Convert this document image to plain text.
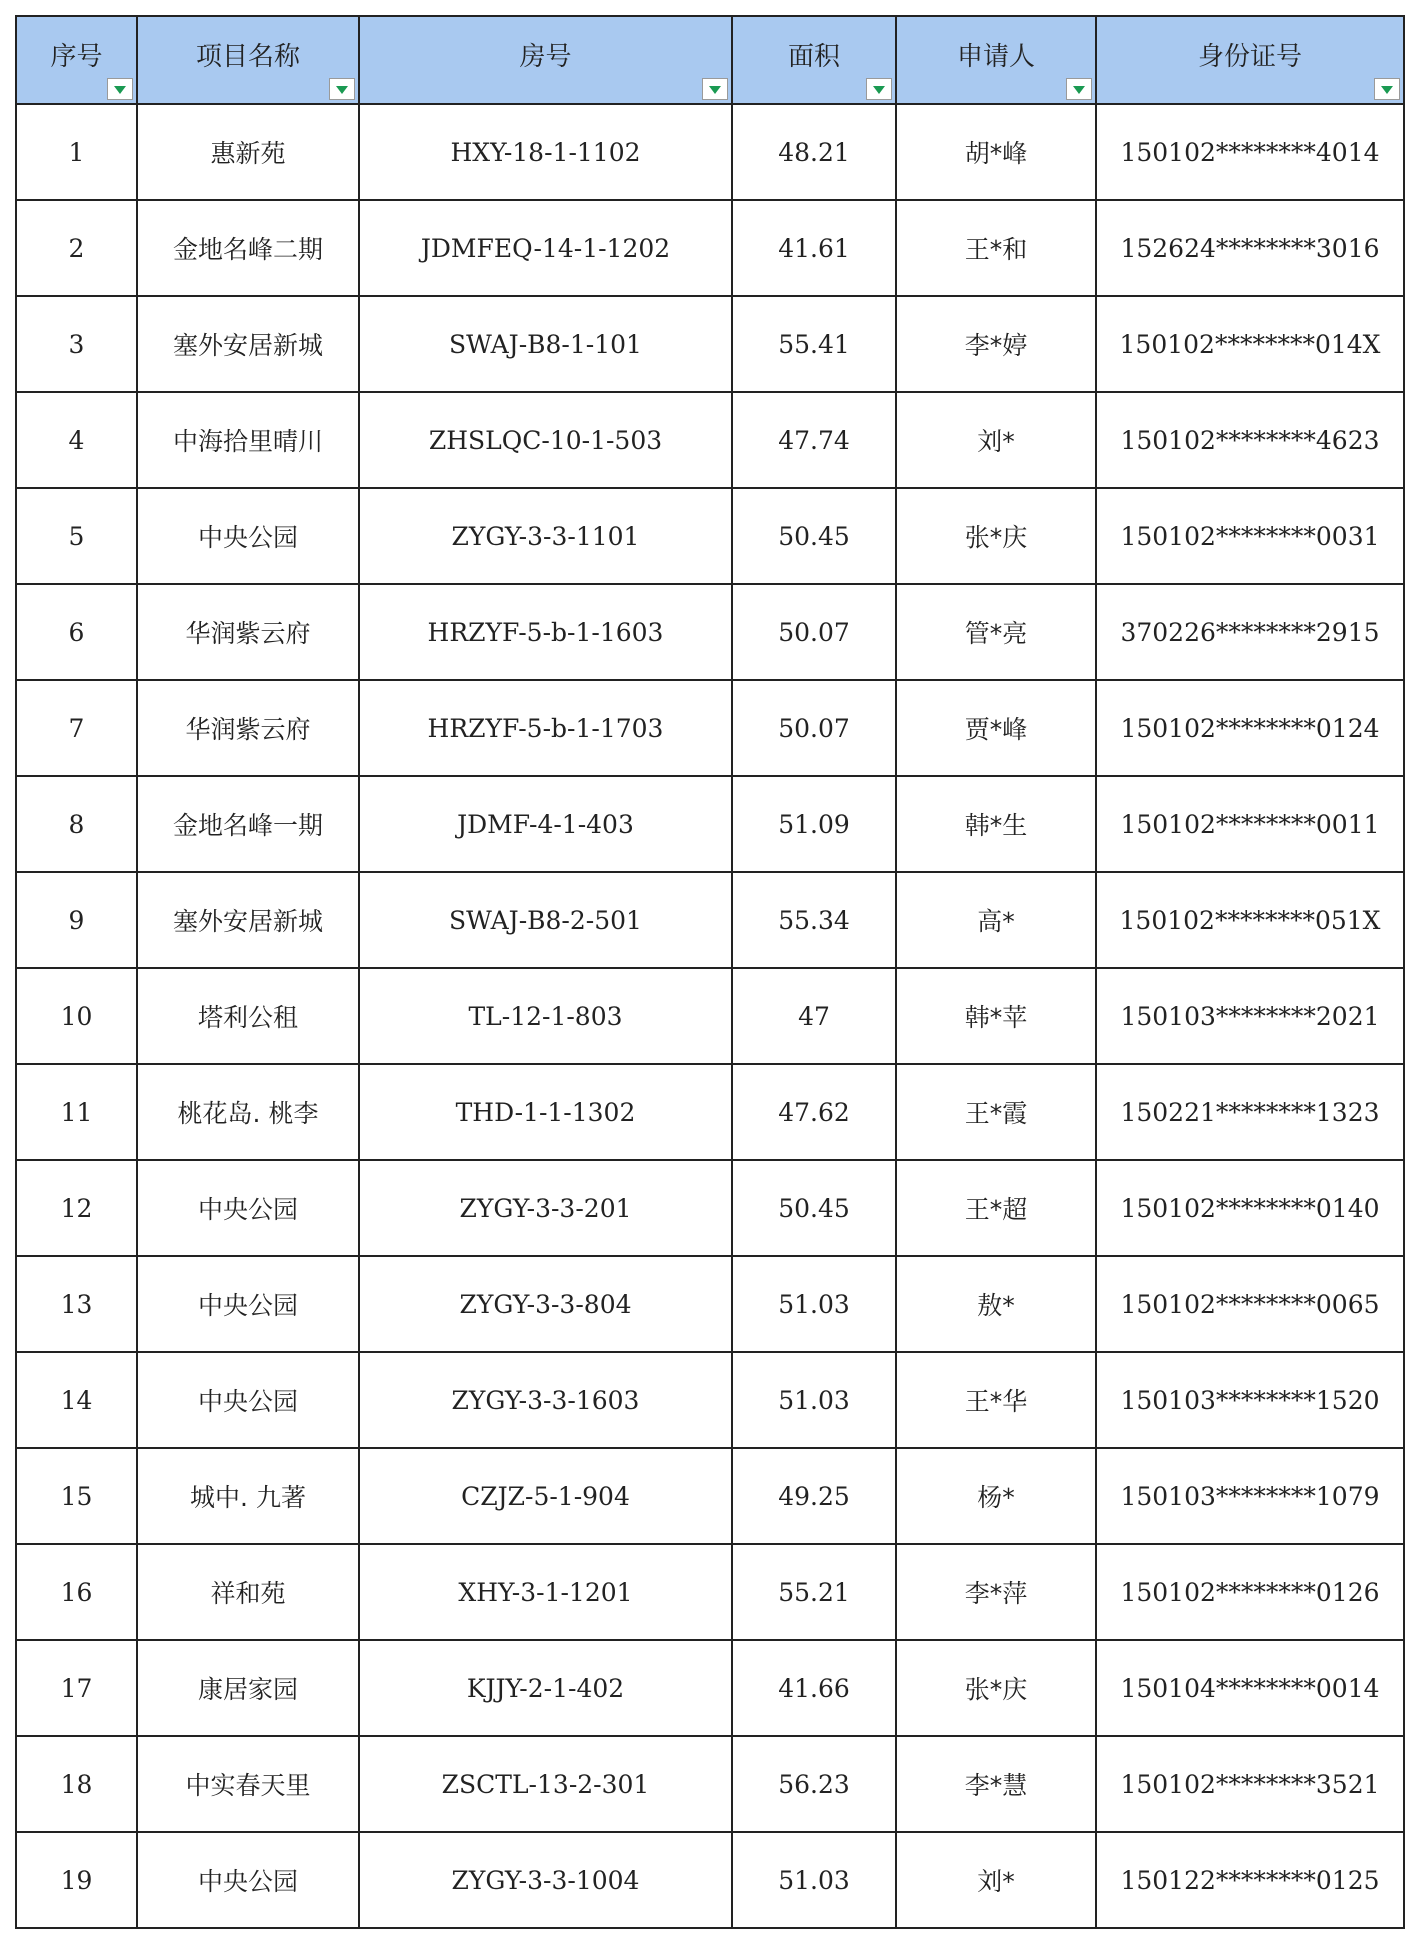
序号	项目名称	房号	面积	申请人	身份证号

1	惠新苑	HXY-18-1-1102	48.21	胡*峰	150102********4014
2	金地名峰二期	JDMFEQ-14-1-1202	41.61	王*和	152624********3016
3	塞外安居新城	SWAJ-B8-1-101	55.41	李*婷	150102********014X
4	中海拾里晴川	ZHSLQC-10-1-503	47.74	刘*	150102********4623
5	中央公园	ZYGY-3-3-1101	50.45	张*庆	150102********0031
6	华润紫云府	HRZYF-5-b-1-1603	50.07	管*亮	370226********2915
7	华润紫云府	HRZYF-5-b-1-1703	50.07	贾*峰	150102********0124
8	金地名峰一期	JDMF-4-1-403	51.09	韩*生	150102********0011
9	塞外安居新城	SWAJ-B8-2-501	55.34	高*	150102********051X
10	塔利公租	TL-12-1-803	47	韩*苹	150103********2021
11	桃花岛. 桃李	THD-1-1-1302	47.62	王*霞	150221********1323
12	中央公园	ZYGY-3-3-201	50.45	王*超	150102********0140
13	中央公园	ZYGY-3-3-804	51.03	敖*	150102********0065
14	中央公园	ZYGY-3-3-1603	51.03	王*华	150103********1520
15	城中. 九著	CZJZ-5-1-904	49.25	杨*	150103********1079
16	祥和苑	XHY-3-1-1201	55.21	李*萍	150102********0126
17	康居家园	KJJY-2-1-402	41.66	张*庆	150104********0014
18	中实春天里	ZSCTL-13-2-301	56.23	李*慧	150102********3521
19	中央公园	ZYGY-3-3-1004	51.03	刘*	150122********0125
